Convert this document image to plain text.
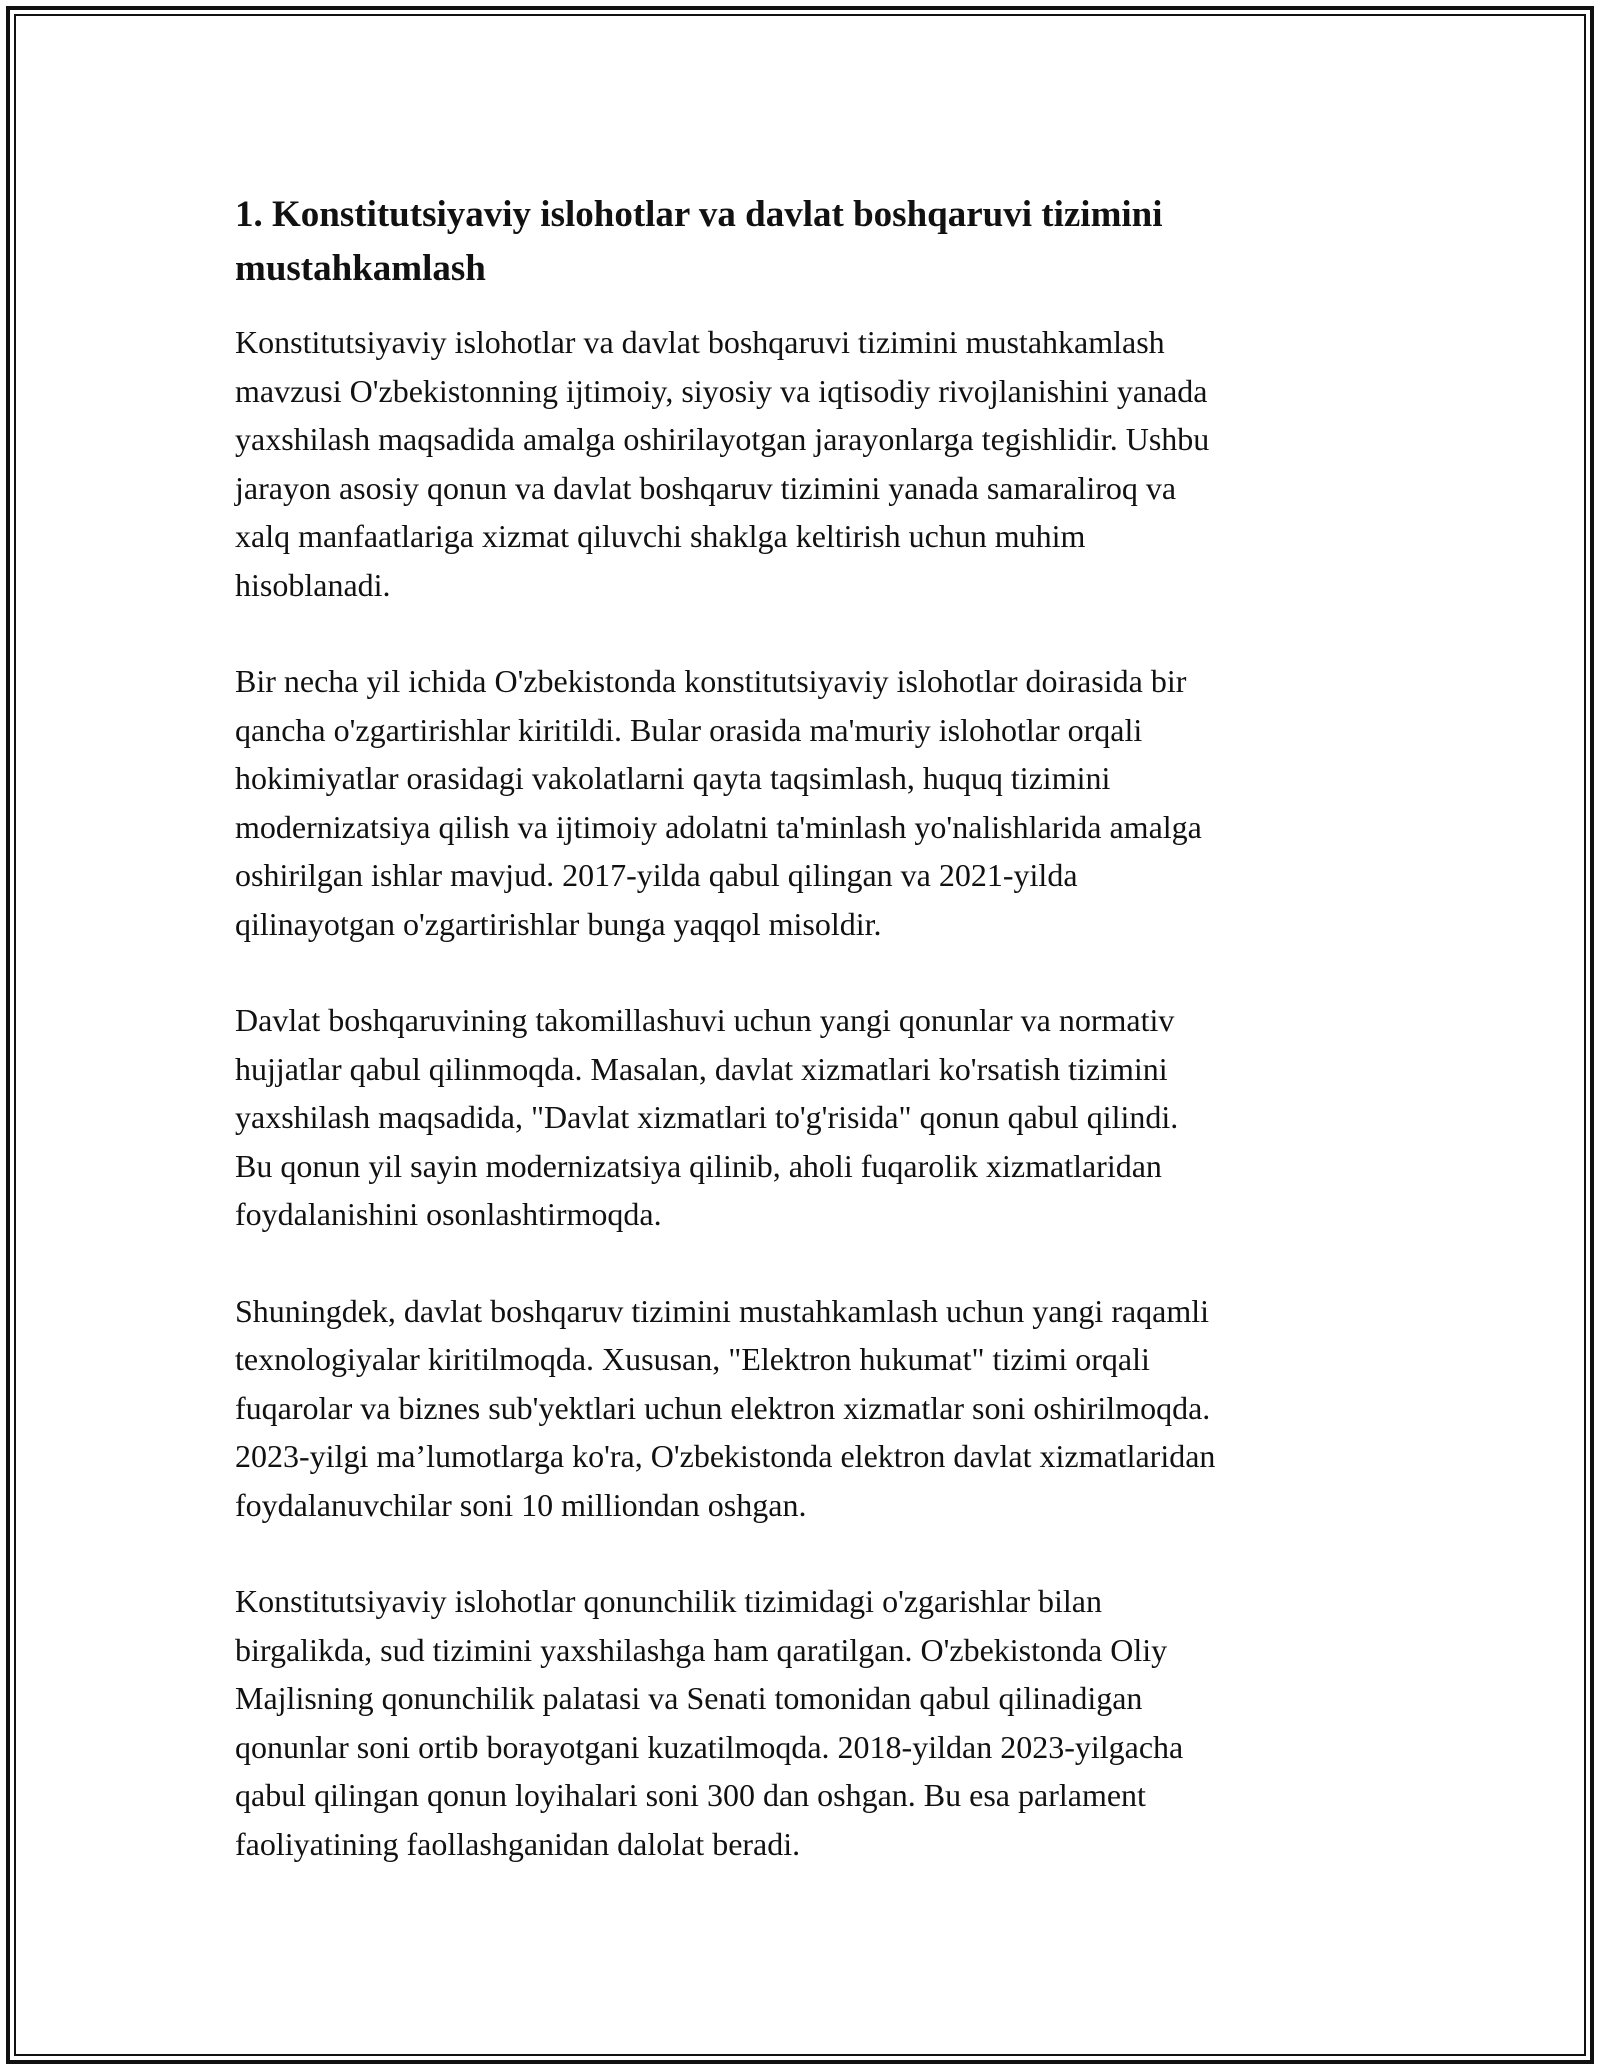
1. Konstitutsiyaviy islohotlar va davlat boshqaruvi tizimini
mustahkamlash

Konstitutsiyaviy islohotlar va davlat boshqaruvi tizimini mustahkamlash
mavzusi O'zbekistonning ijtimoiy, siyosiy va iqtisodiy rivojlanishini yanada
yaxshilash maqsadida amalga oshirilayotgan jarayonlarga tegishlidir. Ushbu
jarayon asosiy qonun va davlat boshqaruv tizimini yanada samaraliroq va
xalq manfaatlariga xizmat qiluvchi shaklga keltirish uchun muhim
hisoblanadi.

Bir necha yil ichida O'zbekistonda konstitutsiyaviy islohotlar doirasida bir
qancha o'zgartirishlar kiritildi. Bular orasida ma'muriy islohotlar orqali
hokimiyatlar orasidagi vakolatlarni qayta taqsimlash, huquq tizimini
modernizatsiya qilish va ijtimoiy adolatni ta'minlash yo'nalishlarida amalga
oshirilgan ishlar mavjud. 2017-yilda qabul qilingan va 2021-yilda
qilinayotgan o'zgartirishlar bunga yaqqol misoldir.

Davlat boshqaruvining takomillashuvi uchun yangi qonunlar va normativ
hujjatlar qabul qilinmoqda. Masalan, davlat xizmatlari ko'rsatish tizimini
yaxshilash maqsadida, "Davlat xizmatlari to'g'risida" qonun qabul qilindi.
Bu qonun yil sayin modernizatsiya qilinib, aholi fuqarolik xizmatlaridan
foydalanishini osonlashtirmoqda.

Shuningdek, davlat boshqaruv tizimini mustahkamlash uchun yangi raqamli
texnologiyalar kiritilmoqda. Xususan, "Elektron hukumat" tizimi orqali
fuqarolar va biznes sub'yektlari uchun elektron xizmatlar soni oshirilmoqda.
2023-yilgi ma’lumotlarga ko'ra, O'zbekistonda elektron davlat xizmatlaridan
foydalanuvchilar soni 10 milliondan oshgan.

Konstitutsiyaviy islohotlar qonunchilik tizimidagi o'zgarishlar bilan
birgalikda, sud tizimini yaxshilashga ham qaratilgan. O'zbekistonda Oliy
Majlisning qonunchilik palatasi va Senati tomonidan qabul qilinadigan
qonunlar soni ortib borayotgani kuzatilmoqda. 2018-yildan 2023-yilgacha
qabul qilingan qonun loyihalari soni 300 dan oshgan. Bu esa parlament
faoliyatining faollashganidan dalolat beradi.
